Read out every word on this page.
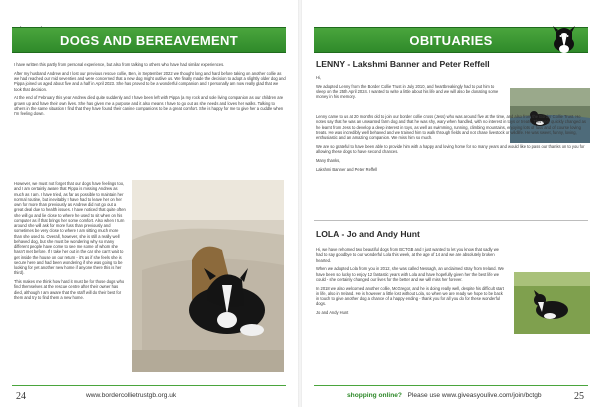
DOGS AND BEREAVEMENT

I have written this partly from personal experience, but also from talking to others who have had similar experiences.

After my husband Andrew and I lost our previous rescue collie, Ben, in September 2022 we thought long and hard before taking on another collie as we had reached our mid seventies and were concerned that a new dog might outlive us. We finally made the decision to adopt a slightly older dog and Pippa joined us aged about five and a half in April 2023. She has proved to be a wonderful companion and I personally am now really glad that we took that decision.

At the end of February this year Andrew died quite suddenly and I have been left with Pippa (a my rock and sole living companion as our children are grown up and have their own lives. She has given me a purpose and it also means I have to go out as she needs and loves her walks. Talking to others in the same situation I find that they have found their canine companions to be a great comfort. She is happy for me to give her a cuddle when I'm feeling down.

However, we must not forget that our dogs have feelings too, and I am certainly aware that Pippa is missing Andrew as much as I am. I have tried, as far as possible to maintain her normal routine, but inevitably I have had to leave her on her own for more than previously as Andrew did not go out a great deal due to health issues. I have noticed that quite often she will go and lie close to where he used to sit when on his computer as if that brings her some comfort. Also when I turn around she will ask for more fuss than previously and sometimes be very close to where I am sitting much more than she used to. Overall, however, she is still a really well behaved dog, but she must be wondering why so many different people have come to see me some of whom she hasn't met before. If I take her out in the car she can't wait to get inside the house on our return - it's as if she feels she is secure here and had been wondering if she was going to be looking for yet another new home if anyone there this is her third).

This makes me think how hard it must be for those dogs who find themselves at the rescue centre after their owner has died, although I am aware that the staff will do their best for them and try to find them a new home.

24	www.bordercollietrustgb.org.uk
OBITUARIES
LENNY - Lakshmi Banner and Peter Reffell

Hi,

We adopted Lenny from the Border Collie Trust in July 2010, and heartbreakingly had to put him to sleep on the 25th April 2024. I wanted to write a little about his life and we will also be donating some money in his memory.

Lenny came to us at 20 months old to join our border collie cross (Jess) who was around five at the time, and also from the Border Collie Trust. He notes say that he was an unwanted farm dog and that he was shy, wary when handled, with no interest in toys or treats. This very quickly changed as he learnt from Jess to develop a deep interest in toys, as well as swimming, running, climbing mountains, enjoying lots of fuss and of course loving treats. He was incredibly well behaved and we trained him to walk through fields and not chase livestock or wildlife. He was sweet, funny, loving, enthusiastic and an amazing companion. We miss him so much.

We are so grateful to have been able to provide him with a happy and loving home for so many years and would like to pass our thanks on to you for allowing these dogs to have second chances.

Many thanks,

Lakshmi Banner and Peter Reffell

LOLA - Jo and Andy Hunt

Hi, we have rehomed two beautiful dogs from BCTGB and I just wanted to let you know that sadly we had to say goodbye to our wonderful Lola this week, at the age of 14 and we are absolutely broken hearted.

When we adopted Lola from you in 2012, she was called Nessagh, an unclaimed stray from Ireland. We have been so lucky to enjoy 12 fantastic years with Lola and have hopefully given her the best life we could - she certainly changed our lives for the better and we will miss her forever.

In 2018 we also welcomed another collie, McGregor, and he is doing really well, despite his difficult start in life, also in Ireland. He is however a little lost without Lola, so when we are ready we hope to be back in touch to give another dog a chance of a happy ending - thank you for all you do for these wonderful dogs.

Jo and Andy Hunt

shopping online? Please use www.giveasyoulive.com/join/bctgb	25
